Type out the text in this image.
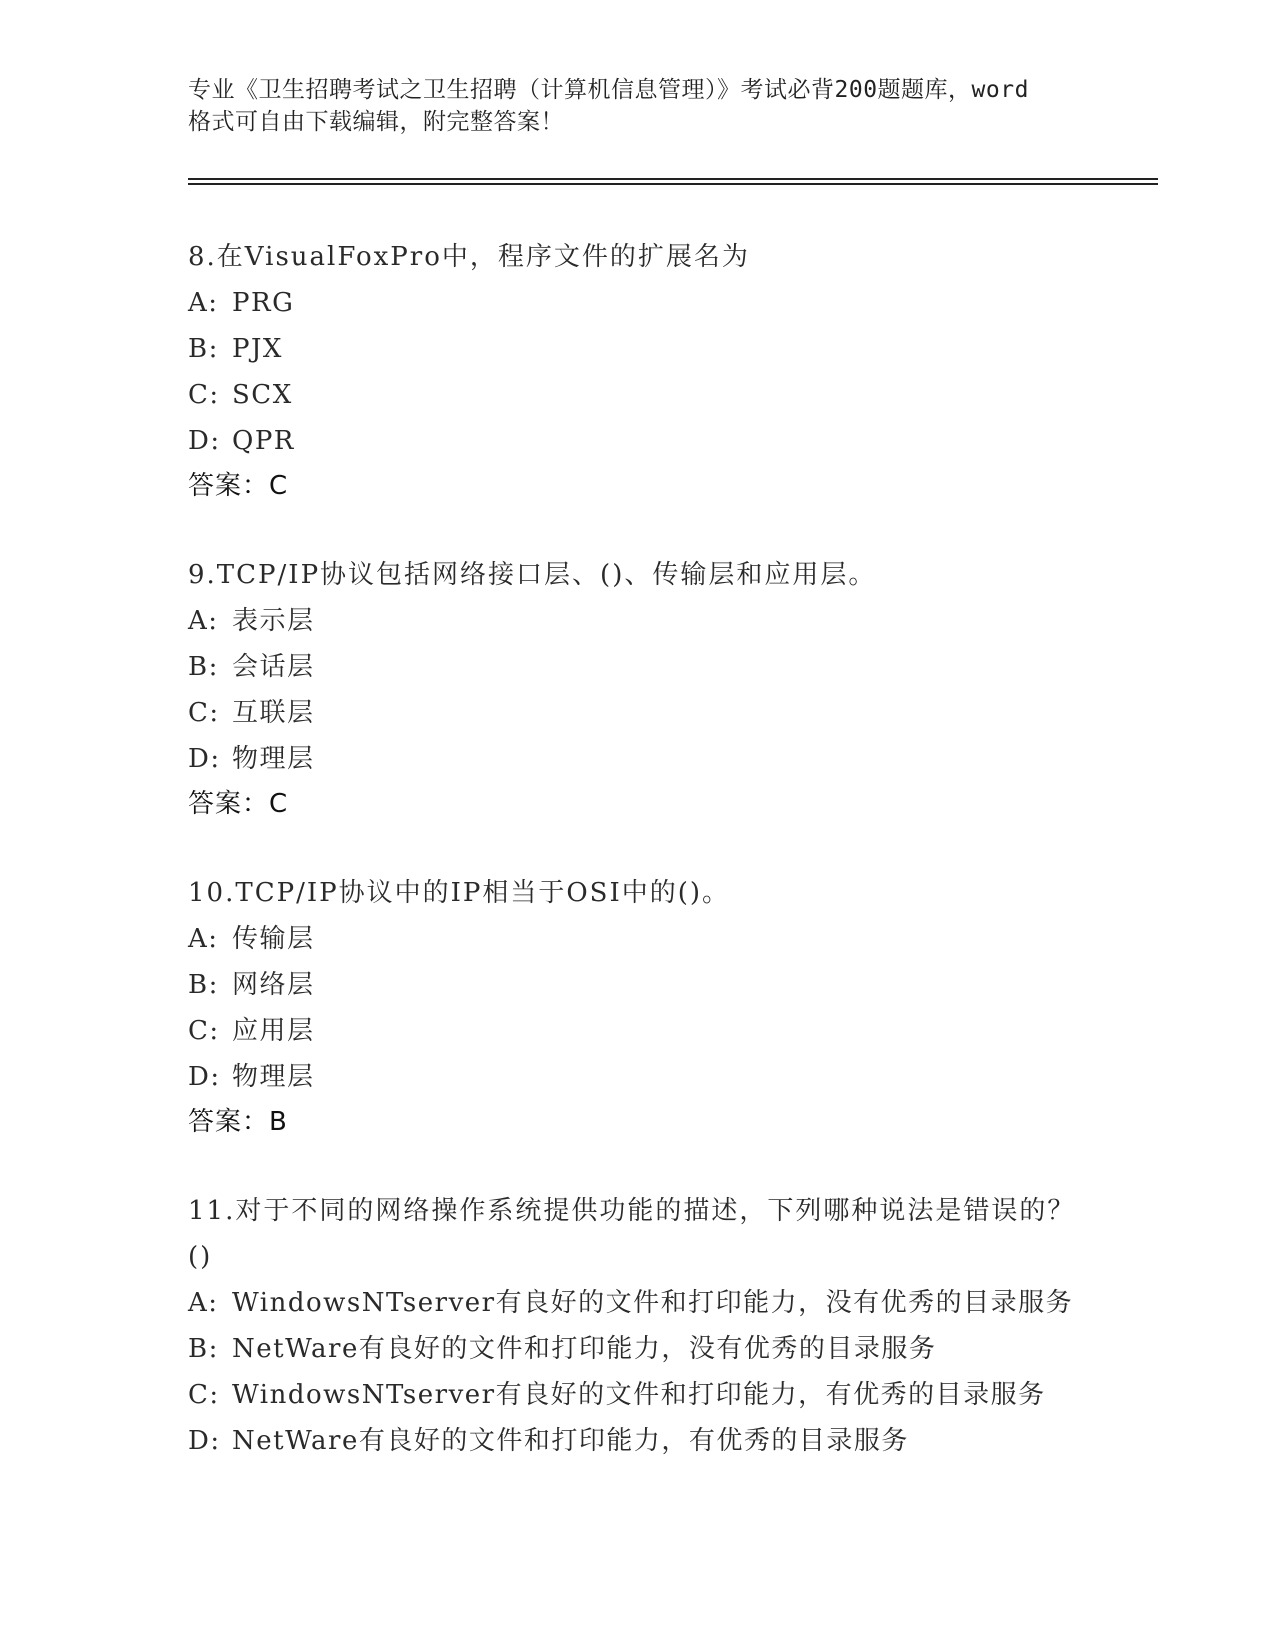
专业《卫生招聘考试之卫生招聘（计算机信息管理）》考试必背200题题库，word
格式可自由下载编辑，附完整答案！
8.在VisualFoxPro中，程序文件的扩展名为
A: PRG
B: PJX
C: SCX
D: QPR
答案：C
9.TCP/IP协议包括网络接口层、()、传输层和应用层。
A: 表示层
B: 会话层
C: 互联层
D: 物理层
答案：C
10.TCP/IP协议中的IP相当于OSI中的()。
A: 传输层
B: 网络层
C: 应用层
D: 物理层
答案：B
11.对于不同的网络操作系统提供功能的描述，下列哪种说法是错误的？()
A: WindowsNTserver有良好的文件和打印能力，没有优秀的目录服务
B: NetWare有良好的文件和打印能力，没有优秀的目录服务
C: WindowsNTserver有良好的文件和打印能力，有优秀的目录服务
D: NetWare有良好的文件和打印能力，有优秀的目录服务
